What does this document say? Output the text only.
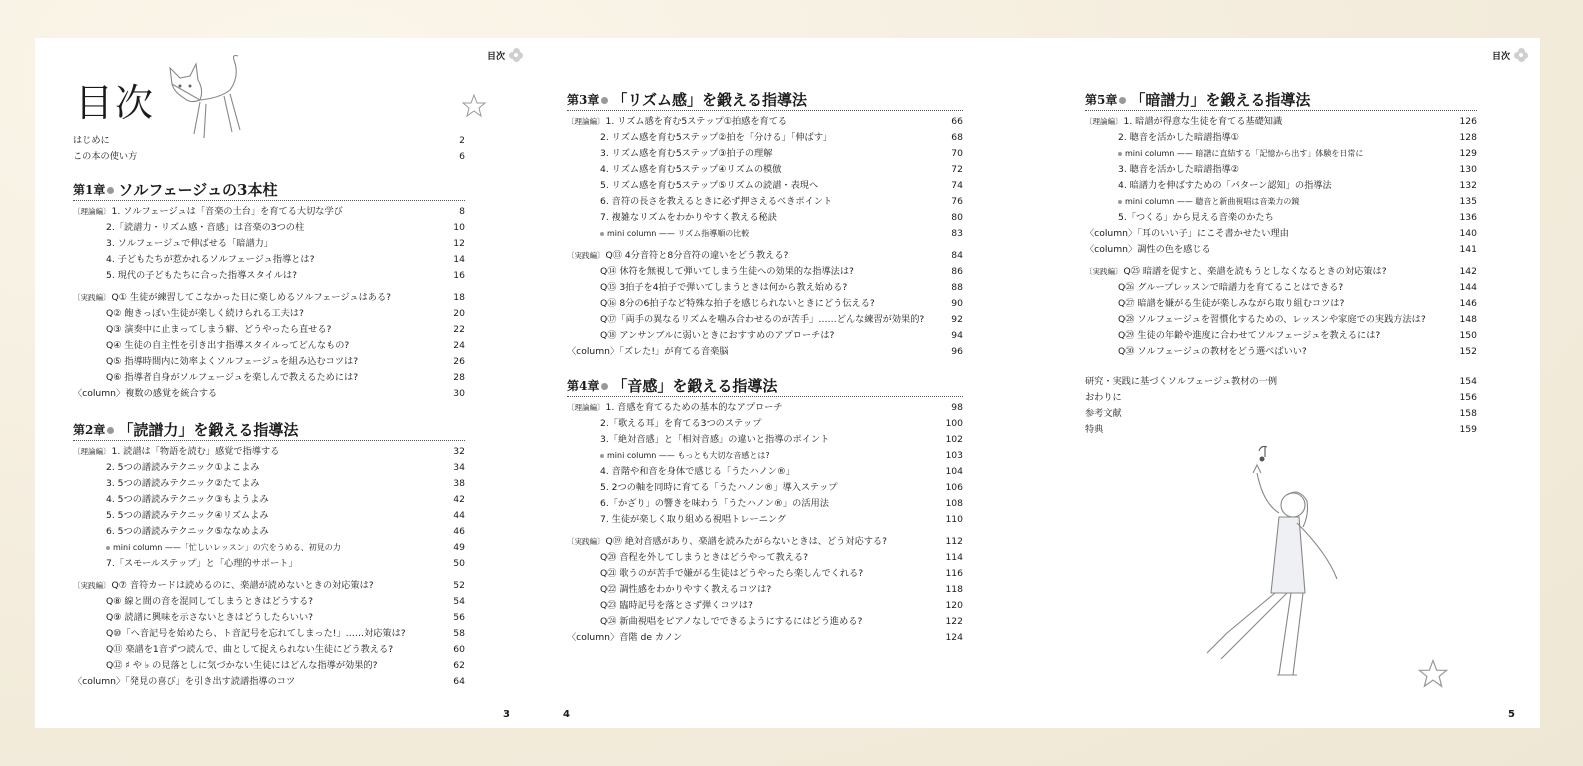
目次
目次
はじめに	2
この本の使い方	6
第1章 ソルフェージュの3本柱
〔理論編〕1. ソルフェージュは「音楽の土台」を育てる大切な学び	8
2.「読譜力・リズム感・音感」は音楽の3つの柱	10
3. ソルフェージュで伸ばせる「暗譜力」	12
4. 子どもたちが惹かれるソルフェージュ指導とは?	14
5. 現代の子どもたちに合った指導スタイルは?	16
〔実践編〕Q① 生徒が練習してこなかった日に楽しめるソルフェージュはある?	18
Q② 飽きっぽい生徒が楽しく続けられる工夫は?	20
Q③ 演奏中に止まってしまう癖、どうやったら直せる?	22
Q④ 生徒の自主性を引き出す指導スタイルってどんなもの?	24
Q⑤ 指導時間内に効率よくソルフェージュを組み込むコツは?	26
Q⑥ 指導者自身がソルフェージュを楽しんで教えるためには?	28
〈column〉複数の感覚を統合する	30
第2章 「読譜力」を鍛える指導法
〔理論編〕1. 読譜は「物語を読む」感覚で指導する	32
2. 5つの譜読みテクニック①よこよみ	34
3. 5つの譜読みテクニック②たてよみ	38
4. 5つの譜読みテクニック③もようよみ	42
5. 5つの譜読みテクニック④リズムよみ	44
6. 5つの譜読みテクニック⑤ななめよみ	46
mini column ——「忙しいレッスン」の穴をうめる、初見の力	49
7.「スモールステップ」と「心理的サポート」	50
〔実践編〕Q⑦ 音符カードは読めるのに、楽譜が読めないときの対応策は?	52
Q⑧ 線と間の音を混同してしまうときはどうする?	54
Q⑨ 読譜に興味を示さないときはどうしたらいい?	56
Q⑩「ヘ音記号を始めたら、ト音記号を忘れてしまった!」……対応策は?	58
Q⑪ 楽譜を1音ずつ読んで、曲として捉えられない生徒にどう教える?	60
Q⑫ ♯ や ♭ の見落としに気づかない生徒にはどんな指導が効果的?	62
〈column〉「発見の喜び」を引き出す読譜指導のコツ	64
3
第3章 「リズム感」を鍛える指導法
〔理論編〕1. リズム感を育む5ステップ①拍感を育てる	66
2. リズム感を育む5ステップ②拍を「分ける」「伸ばす」	68
3. リズム感を育む5ステップ③拍子の理解	70
4. リズム感を育む5ステップ④リズムの模倣	72
5. リズム感を育む5ステップ⑤リズムの読譜・表現へ	74
6. 音符の長さを教えるときに必ず押さえるべきポイント	76
7. 複雑なリズムをわかりやすく教える秘訣	80
mini column —— リズム指導順の比較	83
〔実践編〕Q⑬ 4分音符と8分音符の違いをどう教える?	84
Q⑭ 休符を無視して弾いてしまう生徒への効果的な指導法は?	86
Q⑮ 3拍子を4拍子で弾いてしまうときは何から教え始める?	88
Q⑯ 8分の6拍子など特殊な拍子を感じられないときにどう伝える?	90
Q⑰「両手の異なるリズムを噛み合わせるのが苦手」……どんな練習が効果的?	92
Q⑱ アンサンブルに弱いときにおすすめのアプローチは?	94
〈column〉「ズレた!」が育てる音楽脳	96
第4章 「音感」を鍛える指導法
〔理論編〕1. 音感を育てるための基本的なアプローチ	98
2.「歌える耳」を育てる3つのステップ	100
3.「絶対音感」と「相対音感」の違いと指導のポイント	102
mini column —— もっとも大切な音感とは?	103
4. 音階や和音を身体で感じる「うたハノン®」	104
5. 2つの軸を同時に育てる「うたハノン®」導入ステップ	106
6.「かざり」の響きを味わう「うたハノン®」の活用法	108
7. 生徒が楽しく取り組める視唱トレーニング	110
〔実践編〕Q⑲ 絶対音感があり、楽譜を読みたがらないときは、どう対応する?	112
Q⑳ 音程を外してしまうときはどうやって教える?	114
Q㉑ 歌うのが苦手で嫌がる生徒はどうやったら楽しんでくれる?	116
Q㉒ 調性感をわかりやすく教えるコツは?	118
Q㉓ 臨時記号を落とさず弾くコツは?	120
Q㉔ 新曲視唱をピアノなしでできるようにするにはどう進める?	122
〈column〉音階 de カノン	124
4
目次
第5章 「暗譜力」を鍛える指導法
〔理論編〕1. 暗譜が得意な生徒を育てる基礎知識	126
2. 聴音を活かした暗譜指導①	128
mini column —— 暗譜に直結する「記憶から出す」体験を日常に	129
3. 聴音を活かした暗譜指導②	130
4. 暗譜力を伸ばすための「パターン認知」の指導法	132
mini column —— 聴音と新曲視唱は音楽力の鏡	135
5.「つくる」から見える音楽のかたち	136
〈column〉「耳のいい子」にこそ書かせたい理由	140
〈column〉調性の色を感じる	141
〔実践編〕Q㉕ 暗譜を促すと、楽譜を読もうとしなくなるときの対応策は?	142
Q㉖ グループレッスンで暗譜力を育てることはできる?	144
Q㉗ 暗譜を嫌がる生徒が楽しみながら取り組むコツは?	146
Q㉘ ソルフェージュを習慣化するための、レッスンや家庭での実践方法は?	148
Q㉙ 生徒の年齢や進度に合わせてソルフェージュを教えるには?	150
Q㉚ ソルフェージュの教材をどう選べばいい?	152
研究・実践に基づくソルフェージュ教材の一例	154
おわりに	156
参考文献	158
特典	159
5
